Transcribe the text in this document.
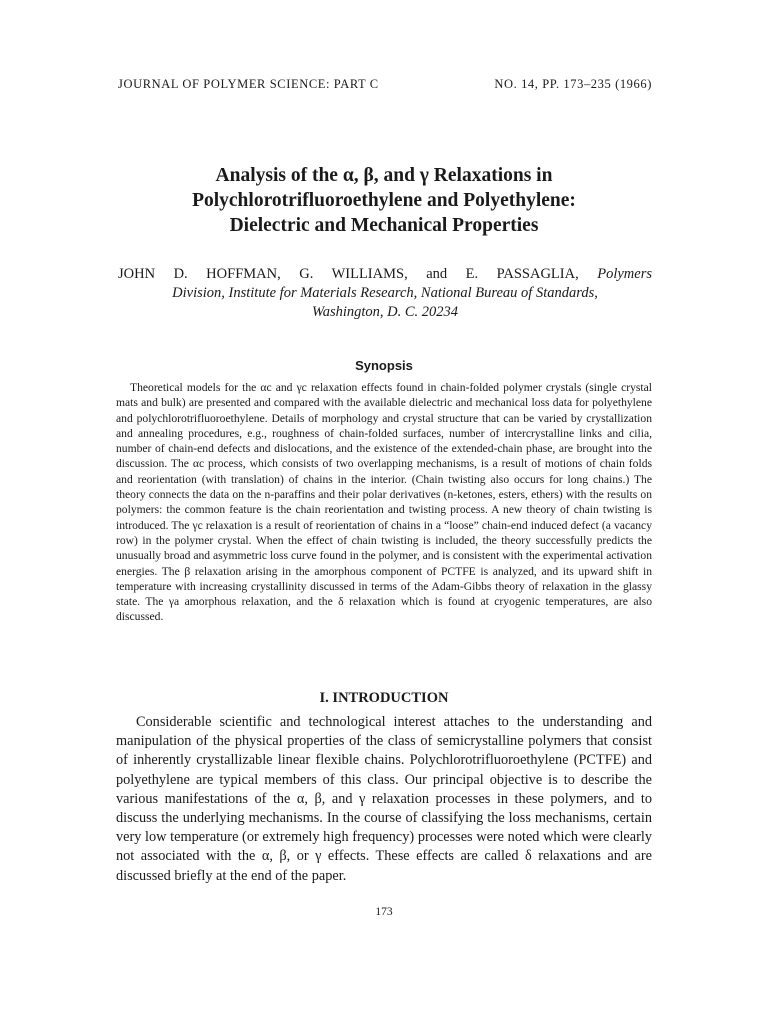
JOURNAL OF POLYMER SCIENCE: PART C	NO. 14, PP. 173–235 (1966)
Analysis of the α, β, and γ Relaxations in
Polychlorotrifluoroethylene and Polyethylene:
Dielectric and Mechanical Properties
JOHN D. HOFFMAN, G. WILLIAMS, and E. PASSAGLIA, Polymers
Division, Institute for Materials Research, National Bureau of Standards,
Washington, D. C. 20234
Synopsis

Theoretical models for the αc and γc relaxation effects found in chain-folded polymer crystals (single crystal mats and bulk) are presented and compared with the available dielectric and mechanical loss data for polyethylene and polychlorotrifluoroethylene. Details of morphology and crystal structure that can be varied by crystallization and annealing procedures, e.g., roughness of chain-folded surfaces, number of intercrystalline links and cilia, number of chain-end defects and dislocations, and the existence of the extended-chain phase, are brought into the discussion. The αc process, which consists of two overlapping mechanisms, is a result of motions of chain folds and reorientation (with translation) of chains in the interior. (Chain twisting also occurs for long chains.) The theory connects the data on the n-paraffins and their polar derivatives (n-ketones, esters, ethers) with the results on polymers: the common feature is the chain reorientation and twisting process. A new theory of chain twisting is introduced. The γc relaxation is a result of reorientation of chains in a “loose” chain-end induced defect (a vacancy row) in the polymer crystal. When the effect of chain twisting is included, the theory successfully predicts the unusually broad and asymmetric loss curve found in the polymer, and is consistent with the experimental activation energies. The β relaxation arising in the amorphous component of PCTFE is analyzed, and its upward shift in temperature with increasing crystallinity discussed in terms of the Adam-Gibbs theory of relaxation in the glassy state. The γa amorphous relaxation, and the δ relaxation which is found at cryogenic temperatures, are also discussed.

I. INTRODUCTION

Considerable scientific and technological interest attaches to the understanding and manipulation of the physical properties of the class of semicrystalline polymers that consist of inherently crystallizable linear flexible chains. Polychlorotrifluoroethylene (PCTFE) and polyethylene are typical members of this class. Our principal objective is to describe the various manifestations of the α, β, and γ relaxation processes in these polymers, and to discuss the underlying mechanisms. In the course of classifying the loss mechanisms, certain very low temperature (or extremely high frequency) processes were noted which were clearly not associated with the α, β, or γ effects. These effects are called δ relaxations and are discussed briefly at the end of the paper.

173
